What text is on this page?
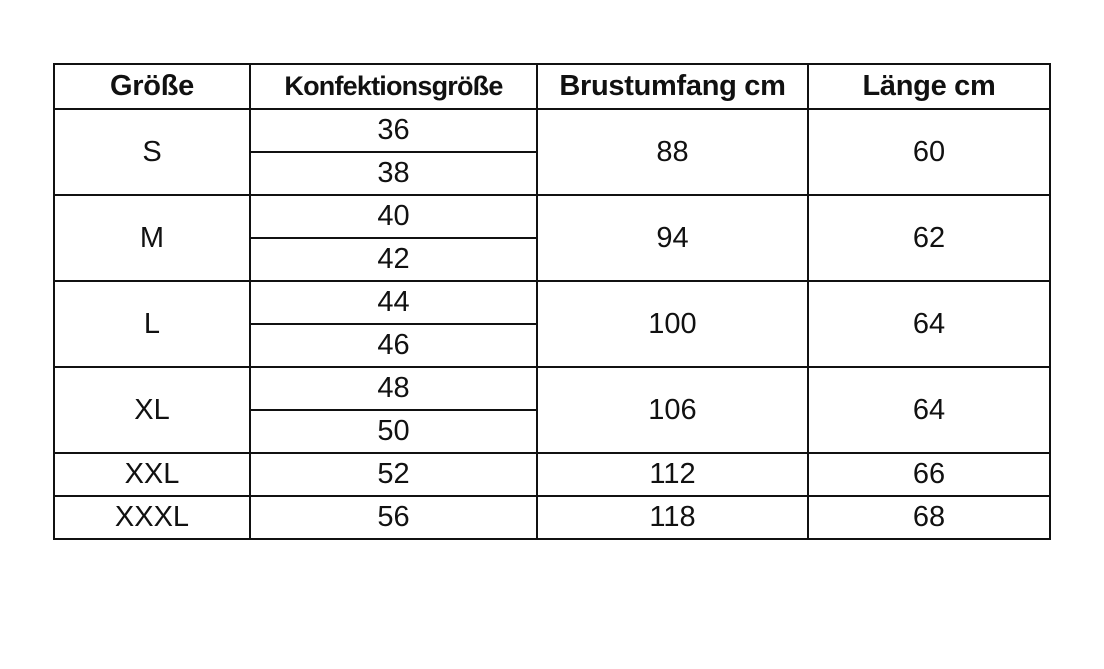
Größe	Konfektionsgröße	Brustumfang cm	Länge cm
S	36	88	60
	38		
M	40	94	62
	42		
L	44	100	64
	46		
XL	48	106	64
	50		
XXL	52	112	66
XXXL	56	118	68
